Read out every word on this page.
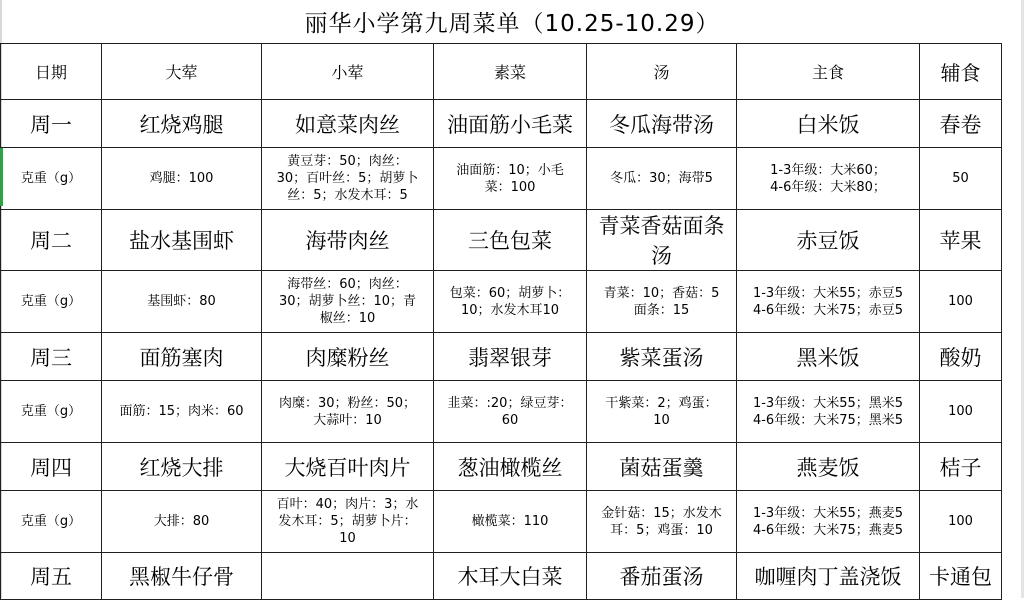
丽华小学第九周菜单（10.25-10.29）
日期	大荤	小荤	素菜	汤	主食	辅食
周一	红烧鸡腿	如意菜肉丝	油面筋小毛菜	冬瓜海带汤	白米饭	春卷
克重（g）	鸡腿：100	黄豆芽：50；肉丝：
30；百叶丝：5；胡萝卜
丝：5；水发木耳：5	油面筋：10；小毛
菜：100	冬瓜：30；海带5	1-3年级：大米60；
4-6年级：大米80；	50

周二	盐水基围虾	海带肉丝	三色包菜	青菜香菇面条汤	赤豆饭	苹果
克重（g）	基围虾：80	海带丝：60；肉丝：
30；胡萝卜丝：10；青
椒丝：10	包菜：60；胡萝卜：
10；水发木耳10	青菜：10；香菇：5
面条：15	1-3年级：大米55；赤豆5
4-6年级：大米75；赤豆5	100

周三	面筋塞肉	肉糜粉丝	翡翠银芽	紫菜蛋汤	黑米饭	酸奶
克重（g）	面筋：15；肉米：60	肉糜：30；粉丝：50；
大蒜叶：10	韭菜：:20；绿豆芽：
60	干紫菜：2；鸡蛋：
10	1-3年级：大米55；黑米5
4-6年级：大米75；黑米5	100

周四	红烧大排	大烧百叶肉片	葱油橄榄丝	菌菇蛋羹	燕麦饭	桔子
克重（g）	大排：80	百叶：40；肉片：3；水
发木耳：5；胡萝卜片：
10	橄榄菜：110	金针菇：15；水发木
耳：5；鸡蛋：10	1-3年级：大米55；燕麦5
4-6年级：大米75；燕麦5	100

周五	黑椒牛仔骨		木耳大白菜	番茄蛋汤	咖喱肉丁盖浇饭	卡通包
